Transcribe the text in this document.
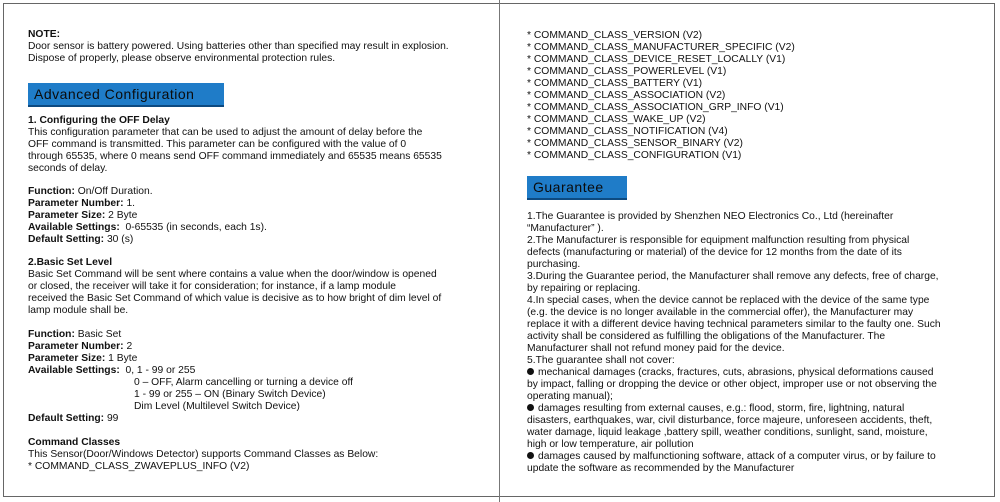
NOTE:
Door sensor is battery powered. Using batteries other than specified may result in explosion.
Dispose of properly, please observe environmental protection rules.
Advanced Configuration
1. Configuring the OFF Delay
This configuration parameter that can be used to adjust the amount of delay before the
OFF command is transmitted. This parameter can be configured with the value of 0
through 65535, where 0 means send OFF command immediately and 65535 means 65535
seconds of delay.
Function: On/Off Duration.
Parameter Number: 1.
Parameter Size: 2 Byte
Available Settings:  0-65535 (in seconds, each 1s).
Default Setting: 30 (s)
2.Basic Set Level
Basic Set Command will be sent where contains a value when the door/window is opened
or closed, the receiver will take it for consideration; for instance, if a lamp module
received the Basic Set Command of which value is decisive as to how bright of dim level of
lamp module shall be.
Function: Basic Set
Parameter Number: 2
Parameter Size: 1 Byte
Available Settings:  0, 1 - 99 or 255
0 – OFF, Alarm cancelling or turning a device off
1 - 99 or 255 – ON (Binary Switch Device)
Dim Level (Multilevel Switch Device)
Default Setting: 99
Command Classes
This Sensor(Door/Windows Detector) supports Command Classes as Below:
* COMMAND_CLASS_ZWAVEPLUS_INFO (V2)
* COMMAND_CLASS_VERSION (V2)
* COMMAND_CLASS_MANUFACTURER_SPECIFIC (V2)
* COMMAND_CLASS_DEVICE_RESET_LOCALLY (V1)
* COMMAND_CLASS_POWERLEVEL (V1)
* COMMAND_CLASS_BATTERY (V1)
* COMMAND_CLASS_ASSOCIATION (V2)
* COMMAND_CLASS_ASSOCIATION_GRP_INFO (V1)
* COMMAND_CLASS_WAKE_UP (V2)
* COMMAND_CLASS_NOTIFICATION (V4)
* COMMAND_CLASS_SENSOR_BINARY (V2)
* COMMAND_CLASS_CONFIGURATION (V1)
Guarantee
1.The Guarantee is provided by Shenzhen NEO Electronics Co., Ltd (hereinafter
“Manufacturer” ).
2.The Manufacturer is responsible for equipment malfunction resulting from physical
defects (manufacturing or material) of the device for 12 months from the date of its
purchasing.
3.During the Guarantee period, the Manufacturer shall remove any defects, free of charge,
by repairing or replacing.
4.In special cases, when the device cannot be replaced with the device of the same type
(e.g. the device is no longer available in the commercial offer), the Manufacturer may
replace it with a different device having technical parameters similar to the faulty one. Such
activity shall be considered as fulfilling the obligations of the Manufacturer. The
Manufacturer shall not refund money paid for the device.
5.The guarantee shall not cover:
mechanical damages (cracks, fractures, cuts, abrasions, physical deformations caused
by impact, falling or dropping the device or other object, improper use or not observing the
operating manual);
damages resulting from external causes, e.g.: flood, storm, fire, lightning, natural
disasters, earthquakes, war, civil disturbance, force majeure, unforeseen accidents, theft,
water damage, liquid leakage ,battery spill, weather conditions, sunlight, sand, moisture,
high or low temperature, air pollution
damages caused by malfunctioning software, attack of a computer virus, or by failure to
update the software as recommended by the Manufacturer
